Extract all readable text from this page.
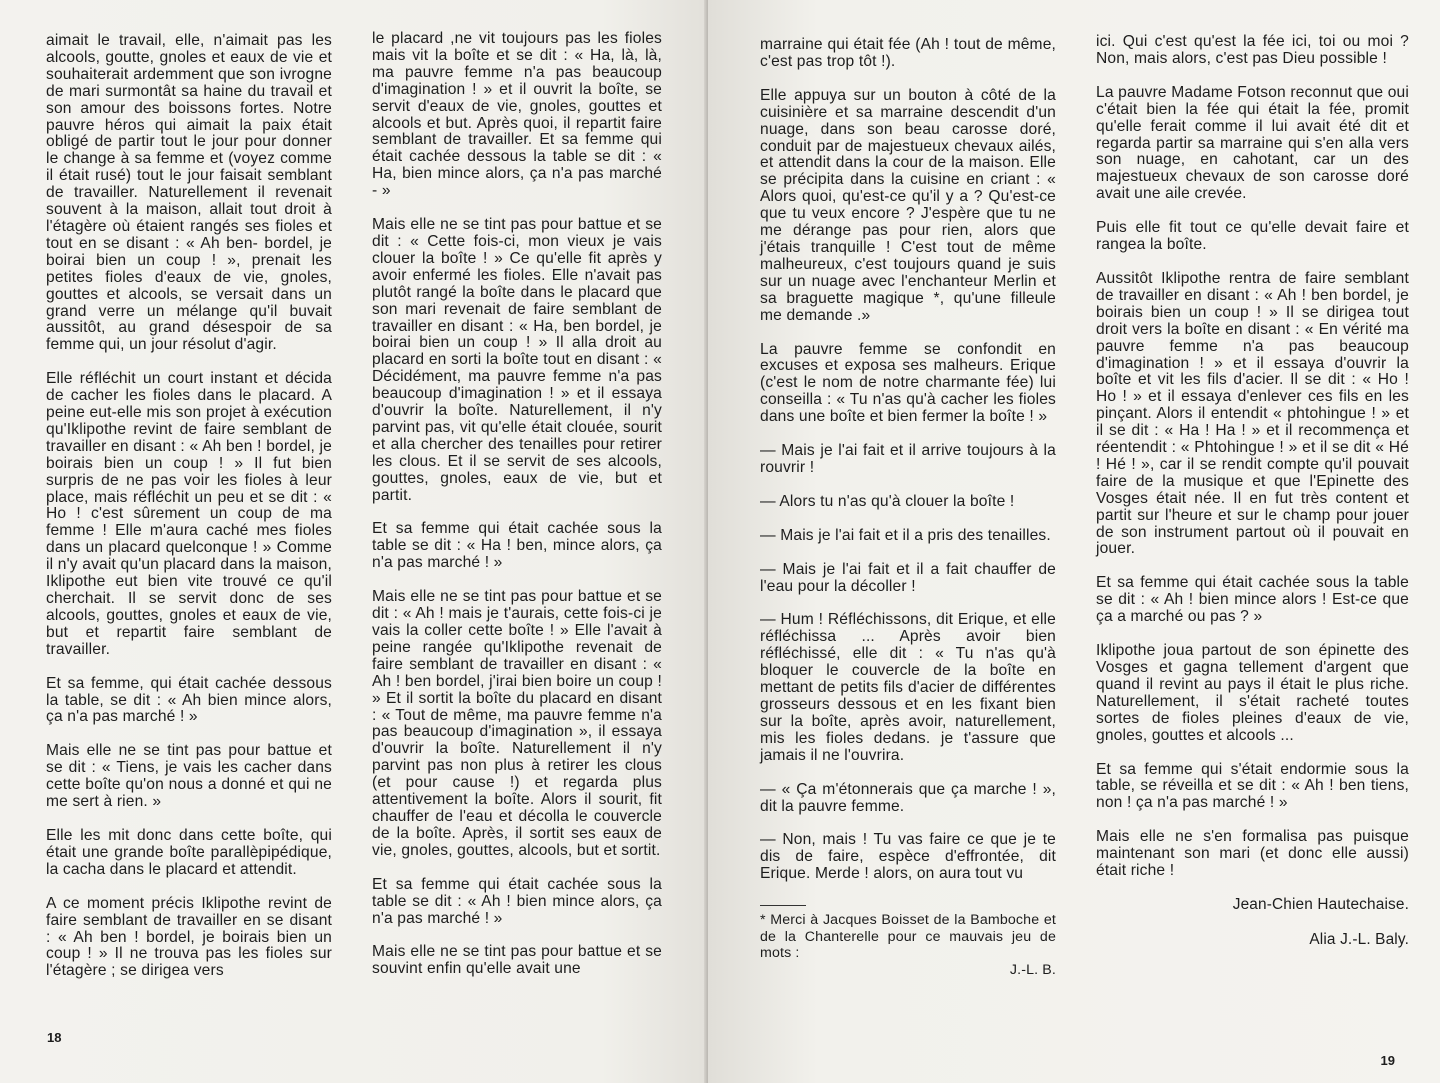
aimait le travail, elle, n'aimait pas les alcools, goutte, gnoles et eaux de vie et souhaiterait ardemment que son ivrogne de mari surmontât sa haine du travail et son amour des boissons fortes. Notre pauvre héros qui aimait la paix était obligé de partir tout le jour pour donner le change à sa femme et (voyez comme il était rusé) tout le jour faisait semblant de travailler. Naturellement il revenait souvent à la maison, allait tout droit à l'étagère où étaient rangés ses fioles et tout en se disant : « Ah ben- bordel, je boirai bien un coup ! », prenait les petites fioles d'eaux de vie, gnoles, gouttes et alcools, se versait dans un grand verre un mélange qu'il buvait aussitôt, au grand désespoir de sa femme qui, un jour résolut d'agir.

Elle réfléchit un court instant et décida de cacher les fioles dans le placard. A peine eut-elle mis son projet à exécution qu'Iklipothe revint de faire semblant de travailler en disant : « Ah ben ! bordel, je boirais bien un coup ! » Il fut bien surpris de ne pas voir les fioles à leur place, mais réfléchit un peu et se dit : « Ho ! c'est sûrement un coup de ma femme ! Elle m'aura caché mes fioles dans un placard quelconque ! » Comme il n'y avait qu'un placard dans la maison, Iklipothe eut bien vite trouvé ce qu'il cherchait. Il se servit donc de ses alcools, gouttes, gnoles et eaux de vie, but et repartit faire semblant de travailler.

Et sa femme, qui était cachée dessous la table, se dit : « Ah bien mince alors, ça n'a pas marché ! »

Mais elle ne se tint pas pour battue et se dit : « Tiens, je vais les cacher dans cette boîte qu'on nous a donné et qui ne me sert à rien. »

Elle les mit donc dans cette boîte, qui était une grande boîte parallèpipédique, la cacha dans le placard et attendit.

A ce moment précis Iklipothe revint de faire semblant de travailler en se disant : « Ah ben ! bordel, je boirais bien un coup ! » Il ne trouva pas les fioles sur l'étagère ; se dirigea vers

le placard ,ne vit toujours pas les fioles mais vit la boîte et se dit : « Ha, là, là, ma pauvre femme n'a pas beaucoup d'imagination ! » et il ouvrit la boîte, se servit d'eaux de vie, gnoles, gouttes et alcools et but. Après quoi, il repartit faire semblant de travailler. Et sa femme qui était cachée dessous la table se dit : « Ha, bien mince alors, ça n'a pas marché - »

Mais elle ne se tint pas pour battue et se dit : « Cette fois-ci, mon vieux je vais clouer la boîte ! » Ce qu'elle fit après y avoir enfermé les fioles. Elle n'avait pas plutôt rangé la boîte dans le placard que son mari revenait de faire semblant de travailler en disant : « Ha, ben bordel, je boirai bien un coup ! » Il alla droit au placard en sorti la boîte tout en disant : « Décidément, ma pauvre femme n'a pas beaucoup d'imagination ! » et il essaya d'ouvrir la boîte. Naturellement, il n'y parvint pas, vit qu'elle était clouée, sourit et alla chercher des tenailles pour retirer les clous. Et il se servit de ses alcools, gouttes, gnoles, eaux de vie, but et partit.

Et sa femme qui était cachée sous la table se dit : « Ha ! ben, mince alors, ça n'a pas marché ! »

Mais elle ne se tint pas pour battue et se dit : « Ah ! mais je t'aurais, cette fois-ci je vais la coller cette boîte ! » Elle l'avait à peine rangée qu'Iklipothe revenait de faire semblant de travailler en disant : « Ah ! ben bordel, j'irai bien boire un coup ! » Et il sortit la boîte du placard en disant : « Tout de même, ma pauvre femme n'a pas beaucoup d'imagination », il essaya d'ouvrir la boîte. Naturellement il n'y parvint pas non plus à retirer les clous (et pour cause !) et regarda plus attentivement la boîte. Alors il sourit, fit chauffer de l'eau et décolla le couvercle de la boîte. Après, il sortit ses eaux de vie, gnoles, gouttes, alcools, but et sortit.

Et sa femme qui était cachée sous la table se dit : « Ah ! bien mince alors, ça n'a pas marché ! »

Mais elle ne se tint pas pour battue et se souvint enfin qu'elle avait une

18

marraine qui était fée (Ah ! tout de même, c'est pas trop tôt !).

Elle appuya sur un bouton à côté de la cuisinière et sa marraine descendit d'un nuage, dans son beau carosse doré, conduit par de majestueux chevaux ailés, et attendit dans la cour de la maison. Elle se précipita dans la cuisine en criant : « Alors quoi, qu'est-ce qu'il y a ? Qu'est-ce que tu veux encore ? J'espère que tu ne me dérange pas pour rien, alors que j'étais tranquille ! C'est tout de même malheureux, c'est toujours quand je suis sur un nuage avec l'enchanteur Merlin et sa braguette magique *, qu'une filleule me demande .»

La pauvre femme se confondit en excuses et exposa ses malheurs. Erique (c'est le nom de notre charmante fée) lui conseilla : « Tu n'as qu'à cacher les fioles dans une boîte et bien fermer la boîte ! »

— Mais je l'ai fait et il arrive toujours à la rouvrir !

— Alors tu n'as qu'à clouer la boîte !

— Mais je l'ai fait et il a pris des tenailles.

— Mais je l'ai fait et il a fait chauffer de l'eau pour la décoller !

— Hum ! Réfléchissons, dit Erique, et elle réfléchissa ... Après avoir bien réfléchissé, elle dit : « Tu n'as qu'à bloquer le couvercle de la boîte en mettant de petits fils d'acier de différentes grosseurs dessous et en les fixant bien sur la boîte, après avoir, naturellement, mis les fioles dedans. je t'assure que jamais il ne l'ouvrira.

— « Ça m'étonnerais que ça marche ! », dit la pauvre femme.

— Non, mais ! Tu vas faire ce que je te dis de faire, espèce d'effrontée, dit Erique. Merde ! alors, on aura tout vu

* Merci à Jacques Boisset de la Bamboche et de la Chanterelle pour ce mauvais jeu de mots :
J.-L. B.

ici. Qui c'est qu'est la fée ici, toi ou moi ? Non, mais alors, c'est pas Dieu possible !

La pauvre Madame Fotson reconnut que oui c'était bien la fée qui était la fée, promit qu'elle ferait comme il lui avait été dit et regarda partir sa marraine qui s'en alla vers son nuage, en cahotant, car un des majestueux chevaux de son carosse doré avait une aile crevée.

Puis elle fit tout ce qu'elle devait faire et rangea la boîte.

Aussitôt Iklipothe rentra de faire semblant de travailler en disant : « Ah ! ben bordel, je boirais bien un coup ! » Il se dirigea tout droit vers la boîte en disant : « En vérité ma pauvre femme n'a pas beaucoup d'imagination ! » et il essaya d'ouvrir la boîte et vit les fils d'acier. Il se dit : « Ho ! Ho ! » et il essaya d'enlever ces fils en les pinçant. Alors il entendit « phtohingue ! » et il se dit : « Ha ! Ha ! » et il recommença et réentendit : « Phtohingue ! » et il se dit « Hé ! Hé ! », car il se rendit compte qu'il pouvait faire de la musique et que l'Epinette des Vosges était née. Il en fut très content et partit sur l'heure et sur le champ pour jouer de son instrument partout où il pouvait en jouer.

Et sa femme qui était cachée sous la table se dit : « Ah ! bien mince alors ! Est-ce que ça a marché ou pas ? »

Iklipothe joua partout de son épinette des Vosges et gagna tellement d'argent que quand il revint au pays il était le plus riche. Naturellement, il s'était racheté toutes sortes de fioles pleines d'eaux de vie, gnoles, gouttes et alcools ...

Et sa femme qui s'était endormie sous la table, se réveilla et se dit : « Ah ! ben tiens, non ! ça n'a pas marché ! »

Mais elle ne s'en formalisa pas puisque maintenant son mari (et donc elle aussi) était riche !

Jean-Chien Hautechaise.
Alia J.-L. Baly.
19
